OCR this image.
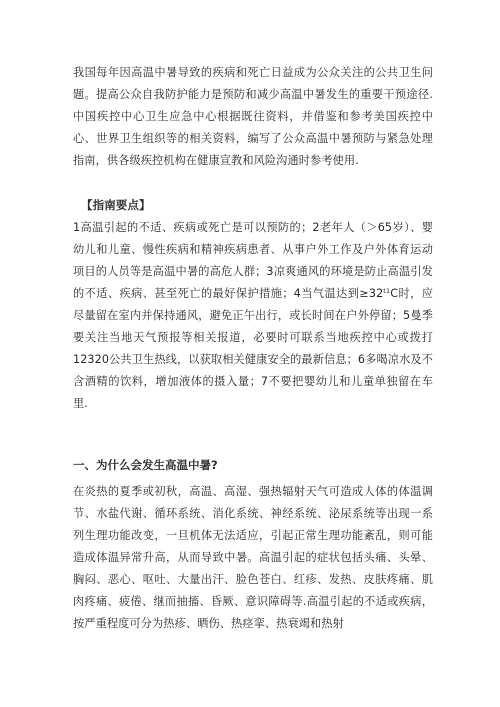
我国每年因高温中暑导致的疾病和死亡日益成为公众关注的公共卫生问题。提高公众自我防护能力是预防和减少高温中暑发生的重要干预途径.中国疾控中心卫生应急中心根据既往资料，并借鉴和参考美国疾控中心、世界卫生组织等的相关资料，编写了公众高温中暑预防与紧急处理指南，供各级疾控机构在健康宣教和风险沟通时参考使用.

【指南要点】

1高温引起的不适、疾病或死亡是可以预防的；2老年人（＞65岁）、婴幼儿和儿童、慢性疾病和精神疾病患者、从事户外工作及户外体育运动项目的人员等是高温中暑的高危人群；3凉爽通风的环境是防止高温引发的不适、疾病、甚至死亡的最好保护措施；4当气温达到$\ge 32^{t1}C$时，应尽量留在室内并保持通风，避免正午出行，或长时间在户外停留；5曼季要关注当地天气预报等相关报道，必要时可联系当地疾控中心或拨打12320公共卫生热线，以获取相关健康安全的最新信息；6多喝凉水及不含酒精的饮料，增加液体的摄入量；7不要把婴幼儿和儿童单独留在车里.

一、为什么会发生高温中暑?

在炎热的夏季或初秋，高温、高湿、强热辐射天气可造成人体的体温调节、水盐代谢、循环系统、消化系统、神经系统、泌尿系统等出现一系列生理功能改变，一旦机体无法适应，引起正常生理功能紊乱，则可能造成体温异常升高，从而导致中暑。高温引起的症状包括头痛、头晕、胸闷、恶心、呕吐、大量出汗、脸色苍白、红疹、发热、皮肤疼痛、肌肉疼痛、疲倦、继而抽搐、昏厥、意识障碍等.高温引起的不适或疾病，按严重程度可分为热疹、晒伤、热痉挛、热衰竭和热射
